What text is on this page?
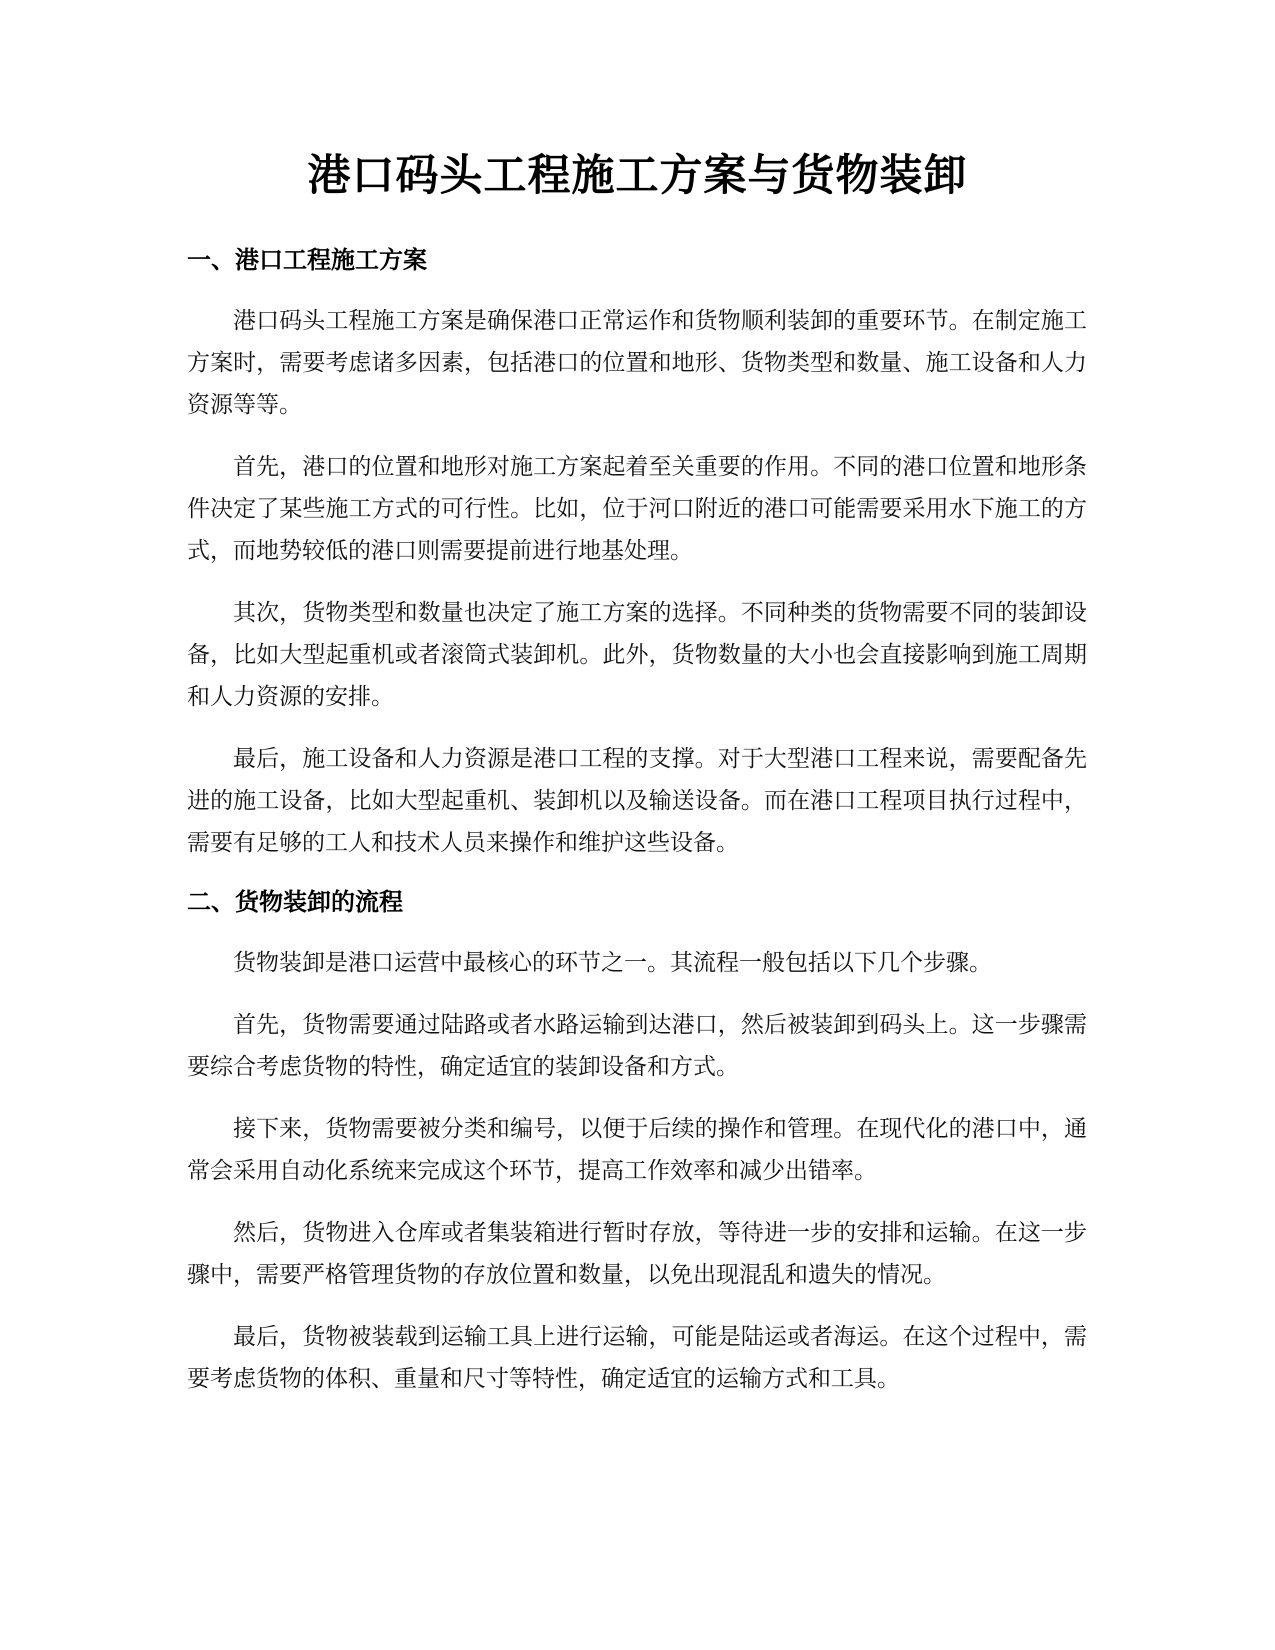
港口码头工程施工方案与货物装卸
一、港口工程施工方案

港口码头工程施工方案是确保港口正常运作和货物顺利装卸的重要环节。在制定施工方案时，需要考虑诸多因素，包括港口的位置和地形、货物类型和数量、施工设备和人力资源等等。

首先，港口的位置和地形对施工方案起着至关重要的作用。不同的港口位置和地形条件决定了某些施工方式的可行性。比如，位于河口附近的港口可能需要采用水下施工的方式，而地势较低的港口则需要提前进行地基处理。

其次，货物类型和数量也决定了施工方案的选择。不同种类的货物需要不同的装卸设备，比如大型起重机或者滚筒式装卸机。此外，货物数量的大小也会直接影响到施工周期和人力资源的安排。

最后，施工设备和人力资源是港口工程的支撑。对于大型港口工程来说，需要配备先进的施工设备，比如大型起重机、装卸机以及输送设备。而在港口工程项目执行过程中，需要有足够的工人和技术人员来操作和维护这些设备。

二、货物装卸的流程

货物装卸是港口运营中最核心的环节之一。其流程一般包括以下几个步骤。

首先，货物需要通过陆路或者水路运输到达港口，然后被装卸到码头上。这一步骤需要综合考虑货物的特性，确定适宜的装卸设备和方式。

接下来，货物需要被分类和编号，以便于后续的操作和管理。在现代化的港口中，通常会采用自动化系统来完成这个环节，提高工作效率和减少出错率。

然后，货物进入仓库或者集装箱进行暂时存放，等待进一步的安排和运输。在这一步骤中，需要严格管理货物的存放位置和数量，以免出现混乱和遗失的情况。

最后，货物被装载到运输工具上进行运输，可能是陆运或者海运。在这个过程中，需要考虑货物的体积、重量和尺寸等特性，确定适宜的运输方式和工具。
